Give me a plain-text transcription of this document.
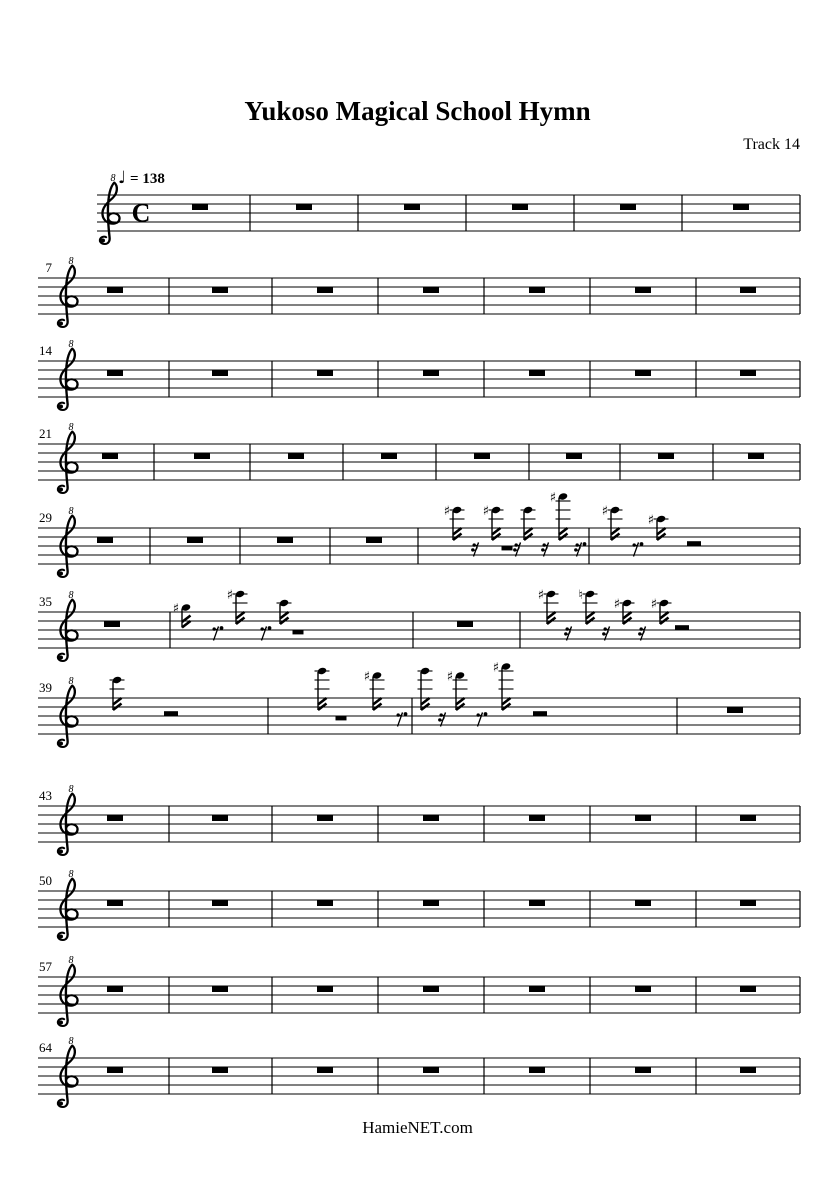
Yukoso Magical School Hymn
Track 14
♩ = 138
8
C
8
7
8
14
8
21
8
29	♯	♯
♯
♯
♯
8
35	♯
♯	♯	♮
♯ ♯
8
39
♯	♯
♯
8
43
8
50
8
57
8
64
HamieNET.com
